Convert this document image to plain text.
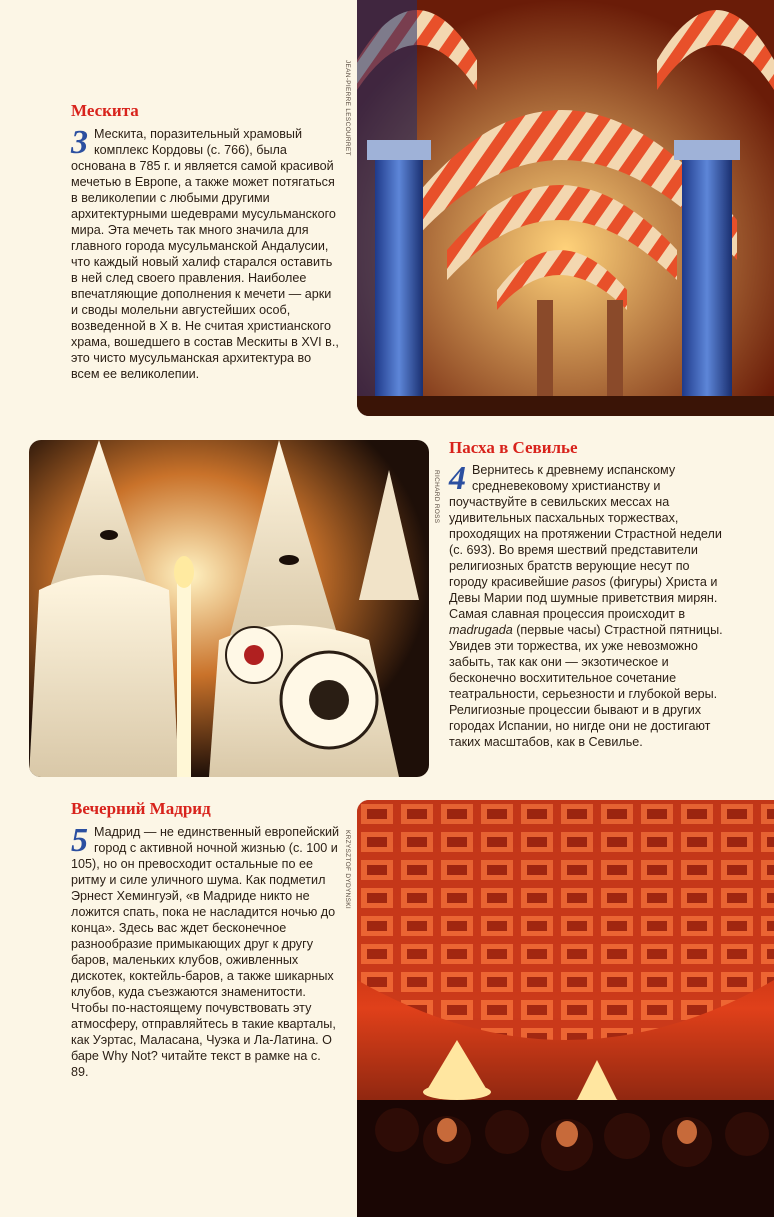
Мескита

3 Мескита, поразительный храмовый комплекс Кордовы (с. 766), была основана в 785 г. и является самой красивой мечетью в Европе, а также может потягаться в великолепии с любыми другими архитектурными шедеврами мусульманского мира. Эта мечеть так много значила для главного города мусульманской Андалусии, что каждый новый халиф старался оставить в ней след своего правления. Наиболее впечатляющие дополнения к мечети — арки и своды молельни августейших особ, возведенной в X в. Не считая христианского храма, вошедшего в состав Мескиты в XVI в., это чисто мусульманская архитектура во всем ее великолепии.

JEAN-PIERRE LESCOURRET
RICHARD ROSS
Пасха в Севилье

4 Вернитесь к древнему испанскому средневековому христианству и поучаствуйте в севильских мессах на удивительных пасхальных торжествах, проходящих на протяжении Страстной недели (с. 693). Во время шествий представители религиозных братств верующие несут по городу красивейшие pasos (фигуры) Христа и Девы Марии под шумные приветствия мирян. Самая славная процессия происходит в madrugada (первые часы) Страстной пятницы. Увидев эти торжества, их уже невозможно забыть, так как они — экзотическое и бесконечно восхитительное сочетание театральности, серьезности и глубокой веры. Религиозные процессии бывают и в других городах Испании, но нигде они не достигают таких масштабов, как в Севилье.

Вечерний Мадрид

5 Мадрид — не единственный европейский город с активной ночной жизнью (с. 100 и 105), но он превосходит остальные по ее ритму и силе уличного шума. Как подметил Эрнест Хемингуэй, «в Мадриде никто не ложится спать, пока не насладится ночью до конца». Здесь вас ждет бесконечное разнообразие примыкающих друг к другу баров, маленьких клубов, оживленных дискотек, коктейль-баров, а также шикарных клубов, куда съезжаются знаменитости. Чтобы по-настоящему почувствовать эту атмосферу, отправляйтесь в такие кварталы, как Уэртас, Маласана, Чуэка и Ла-Латина. О баре Why Not? читайте текст в рамке на с. 89.

KRZYSZTOF DYDYNSKI
